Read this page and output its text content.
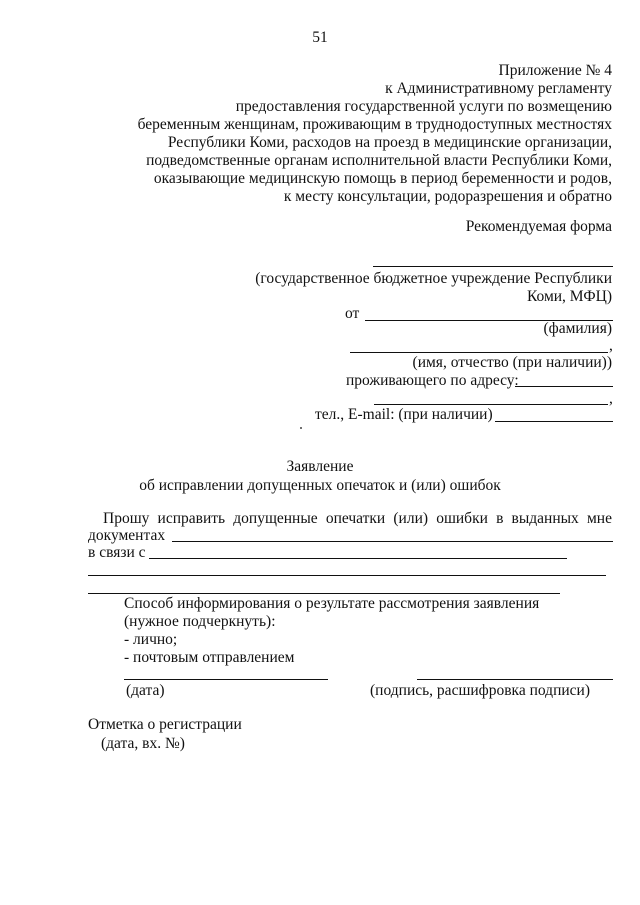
51
Приложение № 4
к Административному регламенту
предоставления государственной услуги по возмещению
беременным женщинам, проживающим в труднодоступных местностях
Республики Коми, расходов на проезд в медицинские организации,
подведомственные органам исполнительной власти Республики Коми,
оказывающие медицинскую помощь в период беременности и родов,
к месту консультации, родоразрешения и обратно
Рекомендуемая форма
(государственное бюджетное учреждение Республики
Коми, МФЦ)
от
(фамилия)
,
(имя, отчество (при наличии))
проживающего по адресу:
,
тел., E-mail: (при наличии)
Заявление
об исправлении допущенных опечаток и (или) ошибок
Прошу исправить допущенные опечатки (или) ошибки в выданных мне
документах
в связи с
Способ информирования о результате рассмотрения заявления
(нужное подчеркнуть):
- лично;
- почтовым отправлением
(дата)	(подпись, расшифровка подписи)
Отметка о регистрации
(дата, вх. №)
